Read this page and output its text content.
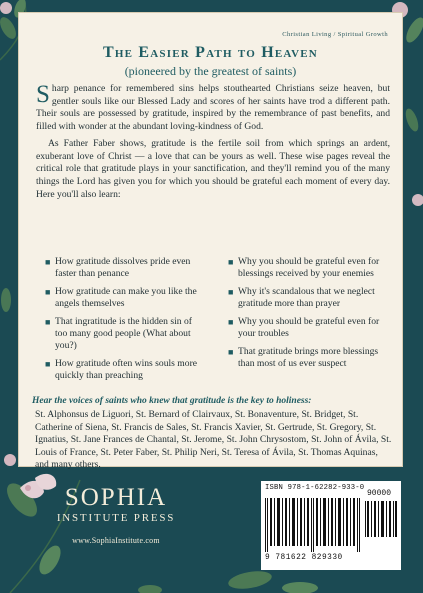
Christian Living / Spiritual Growth
The Easier Path to Heaven
(pioneered by the greatest of saints)

Sharp penance for remembered sins helps stouthearted Christians seize heaven, but gentler souls like our Blessed Lady and scores of her saints have trod a different path. Their souls are possessed by gratitude, inspired by the remembrance of past benefits, and filled with wonder at the abundant loving-kindness of God.

As Father Faber shows, gratitude is the fertile soil from which springs an ardent, exuberant love of Christ — a love that can be yours as well. These wise pages reveal the critical role that gratitude plays in your sanctification, and they'll remind you of the many things the Lord has given you for which you should be grateful each moment of every day. Here you'll also learn:

■ How gratitude dissolves pride even faster than penance
■ How gratitude can make you like the angels themselves
■ That ingratitude is the hidden sin of too many good people (What about you?)
■ How gratitude often wins souls more quickly than preaching
■ Why you should be grateful even for blessings received by your enemies
■ Why it's scandalous that we neglect gratitude more than prayer
■ Why you should be grateful even for your troubles
■ That gratitude brings more blessings than most of us ever suspect
Hear the voices of saints who knew that gratitude is the key to holiness:
St. Alphonsus de Liguori, St. Bernard of Clairvaux, St. Bonaventure, St. Bridget, St. Catherine of Siena, St. Francis de Sales, St. Francis Xavier, St. Gertrude, St. Gregory, St. Ignatius, St. Jane Frances de Chantal, St. Jerome, St. John Chrysostom, St. John of Ávila, St. Louis of France, St. Peter Faber, St. Philip Neri, St. Teresa of Ávila, St. Thomas Aquinas, and many others.
SOPHIA
INSTITUTE PRESS
www.SophiaInstitute.com
ISBN 978-1-62282-933-0
90000
9 781622 829330
